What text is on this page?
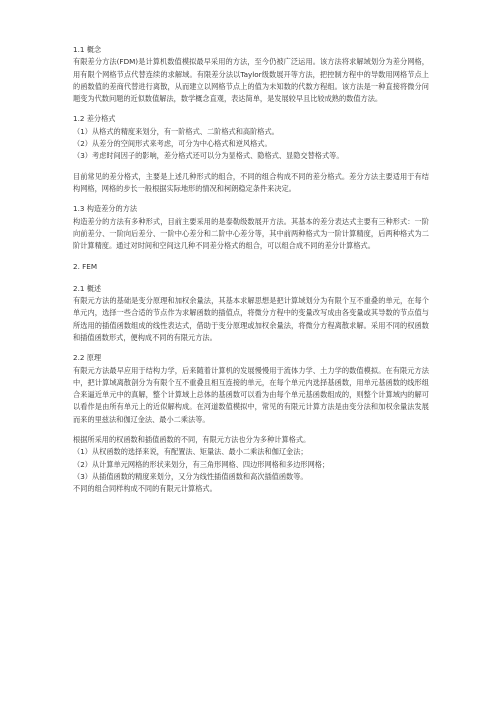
1.1 概念
有限差分方法(FDM)是计算机数值模拟最早采用的方法，至今仍被广泛运用。该方法将求解域划分为差分网格，用有限个网格节点代替连续的求解域。有限差分法以Taylor级数展开等方法，把控制方程中的导数用网格节点上的函数值的差商代替进行离散，从而建立以网格节点上的值为未知数的代数方程组。该方法是一种直接将微分问题变为代数问题的近似数值解法，数学概念直观，表达简单，是发展较早且比较成熟的数值方法。
1.2 差分格式
（1）从格式的精度来划分，有一阶格式、二阶格式和高阶格式。
（2）从差分的空间形式来考虑，可分为中心格式和逆风格式。
（3）考虑时间因子的影响，差分格式还可以分为显格式、隐格式、显隐交替格式等。
目前常见的差分格式，主要是上述几种形式的组合，不同的组合构成不同的差分格式。差分方法主要适用于有结构网格，网格的步长一般根据实际地形的情况和柯朗稳定条件来决定。
1.3 构造差分的方法
构造差分的方法有多种形式，目前主要采用的是泰勒级数展开方法。其基本的差分表达式主要有三种形式：一阶向前差分、一阶向后差分、一阶中心差分和二阶中心差分等，其中前两种格式为一阶计算精度，后两种格式为二阶计算精度。通过对时间和空间这几种不同差分格式的组合，可以组合成不同的差分计算格式。
2. FEM
2.1 概述
有限元方法的基础是变分原理和加权余量法，其基本求解思想是把计算域划分为有限个互不重叠的单元，在每个单元内，选择一些合适的节点作为求解函数的插值点，将微分方程中的变量改写成由各变量或其导数的节点值与所选用的插值函数组成的线性表达式，借助于变分原理或加权余量法，将微分方程离散求解。采用不同的权函数和插值函数形式，便构成不同的有限元方法。
2.2 原理
有限元方法最早应用于结构力学，后来随着计算机的发展慢慢用于流体力学、土力学的数值模拟。在有限元方法中，把计算域离散剖分为有限个互不重叠且相互连接的单元，在每个单元内选择基函数，用单元基函数的线形组合来逼近单元中的真解，整个计算域上总体的基函数可以看为由每个单元基函数组成的，则整个计算域内的解可以看作是由所有单元上的近似解构成。在河道数值模拟中，常见的有限元计算方法是由变分法和加权余量法发展而来的里兹法和伽辽金法、最小二乘法等。
根据所采用的权函数和插值函数的不同，有限元方法也分为多种计算格式。
（1）从权函数的选择来说，有配置法、矩量法、最小二乘法和伽辽金法；
（2）从计算单元网格的形状来划分，有三角形网格、四边形网格和多边形网格；
（3）从插值函数的精度来划分，又分为线性插值函数和高次插值函数等。
不同的组合同样构成不同的有限元计算格式。
